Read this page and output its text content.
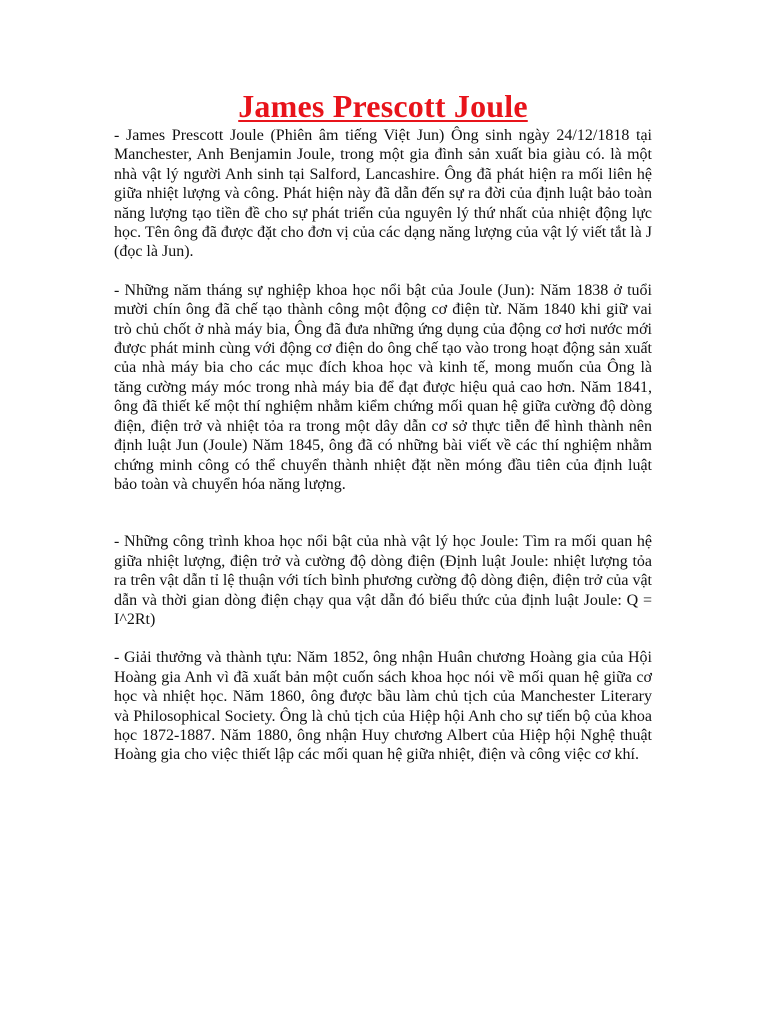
James Prescott Joule

- James Prescott Joule (Phiên âm tiếng Việt Jun) Ông sinh ngày 24/12/1818 tại Manchester, Anh Benjamin Joule, trong một gia đình sản xuất bia giàu có. là một nhà vật lý người Anh sinh tại Salford, Lancashire. Ông đã phát hiện ra mối liên hệ giữa nhiệt lượng và công. Phát hiện này đã dẫn đến sự ra đời của định luật bảo toàn năng lượng tạo tiền đề cho sự phát triển của nguyên lý thứ nhất của nhiệt động lực học. Tên ông đã được đặt cho đơn vị của các dạng năng lượng của vật lý viết tắt là J (đọc là Jun).

- Những năm tháng sự nghiệp khoa học nổi bật của Joule (Jun): Năm 1838 ở tuổi mười chín ông đã chế tạo thành công một động cơ điện từ. Năm 1840 khi giữ vai trò chủ chốt ở nhà máy bia, Ông đã đưa những ứng dụng của động cơ hơi nước mới được phát minh cùng với động cơ điện do ông chế tạo vào trong hoạt động sản xuất của nhà máy bia cho các mục đích khoa học và kinh tế, mong muốn của Ông là tăng cường máy móc trong nhà máy bia để đạt được hiệu quả cao hơn. Năm 1841, ông đã thiết kế một thí nghiệm nhằm kiểm chứng mối quan hệ giữa cường độ dòng điện, điện trở và nhiệt tỏa ra trong một dây dẫn cơ sở thực tiễn để hình thành nên định luật Jun (Joule) Năm 1845, ông đã có những bài viết về các thí nghiệm nhằm chứng minh công có thể chuyển thành nhiệt đặt nền móng đầu tiên của định luật bảo toàn và chuyển hóa năng lượng.

- Những công trình khoa học nổi bật của nhà vật lý học Joule: Tìm ra mối quan hệ giữa nhiệt lượng, điện trở và cường độ dòng điện (Định luật Joule: nhiệt lượng tỏa ra trên vật dẫn tỉ lệ thuận với tích bình phương cường độ dòng điện, điện trở của vật dẫn và thời gian dòng điện chạy qua vật dẫn đó biểu thức của định luật Joule: Q = I^2Rt)

- Giải thưởng và thành tựu: Năm 1852, ông nhận Huân chương Hoàng gia của Hội Hoàng gia Anh vì đã xuất bản một cuốn sách khoa học nói về mối quan hệ giữa cơ học và nhiệt học. Năm 1860, ông được bầu làm chủ tịch của Manchester Literary và Philosophical Society. Ông là chủ tịch của Hiệp hội Anh cho sự tiến bộ của khoa học 1872-1887. Năm 1880, ông nhận Huy chương Albert của Hiệp hội Nghệ thuật Hoàng gia cho việc thiết lập các mối quan hệ giữa nhiệt, điện và công việc cơ khí.
